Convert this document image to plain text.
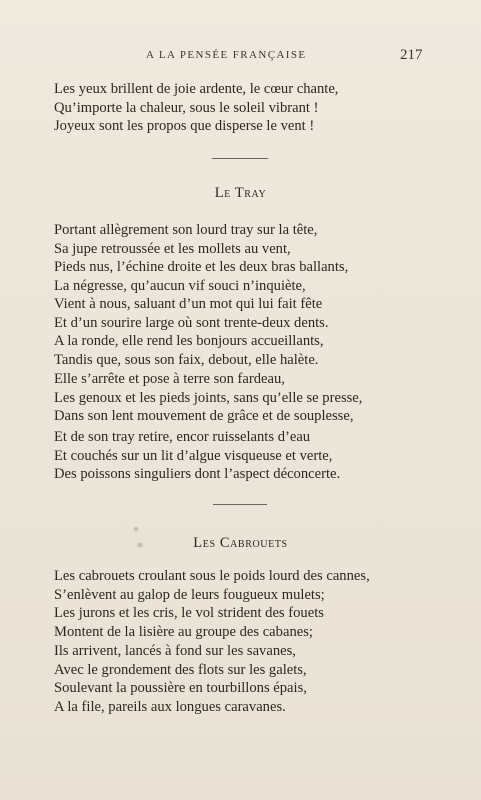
A LA PENSÉE FRANÇAISE	217
Les yeux brillent de joie ardente, le cœur chante,
Qu’importe la chaleur, sous le soleil vibrant !
Joyeux sont les propos que disperse le vent !
Le Tray
Portant allègrement son lourd tray sur la tête,
Sa jupe retroussée et les mollets au vent,
Pieds nus, l’échine droite et les deux bras ballants,
La négresse, qu’aucun vif souci n’inquiète,
Vient à nous, saluant d’un mot qui lui fait fête
Et d’un sourire large où sont trente-deux dents.
A la ronde, elle rend les bonjours accueillants,
Tandis que, sous son faix, debout, elle halète.
Elle s’arrête et pose à terre son fardeau,
Les genoux et les pieds joints, sans qu’elle se presse,
Dans son lent mouvement de grâce et de souplesse,
Et de son tray retire, encor ruisselants d’eau
Et couchés sur un lit d’algue visqueuse et verte,
Des poissons singuliers dont l’aspect déconcerte.
Les Cabrouets
Les cabrouets croulant sous le poids lourd des cannes,
S’enlèvent au galop de leurs fougueux mulets;
Les jurons et les cris, le vol strident des fouets
Montent de la lisière au groupe des cabanes;
Ils arrivent, lancés à fond sur les savanes,
Avec le grondement des flots sur les galets,
Soulevant la poussière en tourbillons épais,
A la file, pareils aux longues caravanes.
